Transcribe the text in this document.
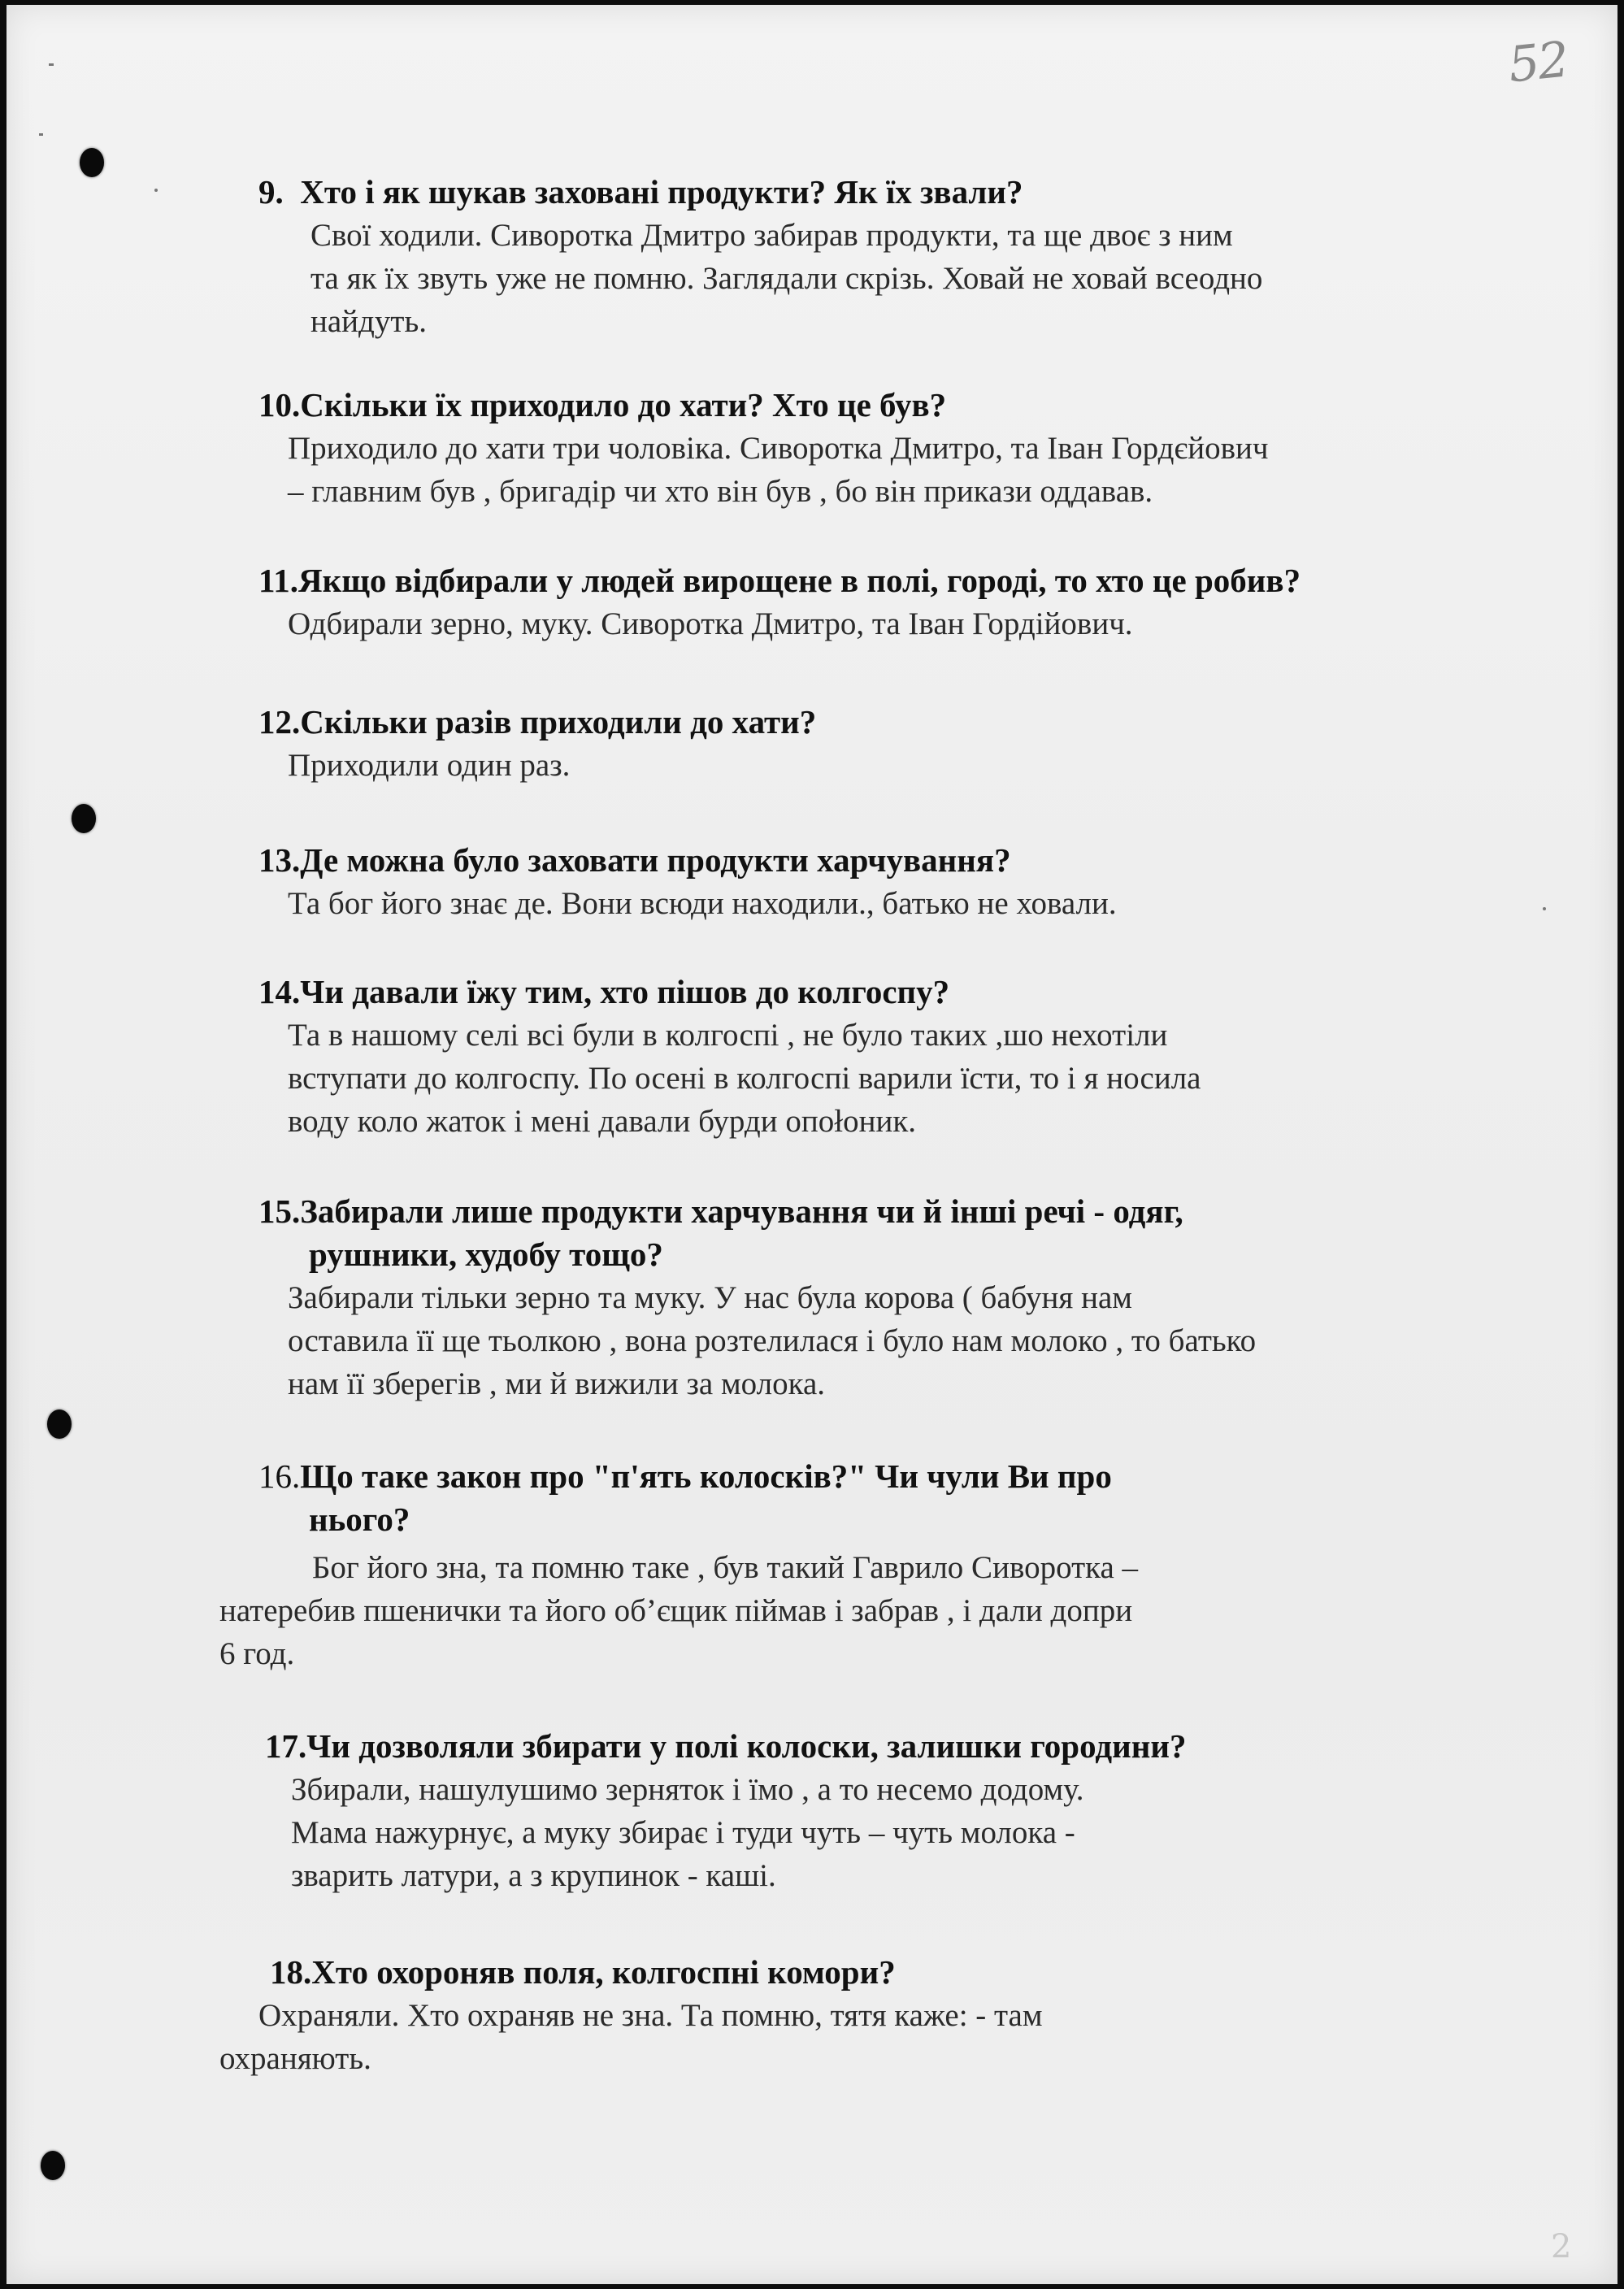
52
2
9. Хто і як шукав заховані продукти? Як їх звали?
Свої ходили. Сиворотка Дмитро забирав продукти, та ще двоє з ним
та як їх звуть уже не помню. Заглядали скрізь. Ховай не ховай всеодно
найдуть.
10.Скільки їх приходило до хати? Хто це був?
Приходило до хати три чоловіка. Сиворотка Дмитро, та Іван Гордєйович
– главним був , бригадір чи хто він був , бо він прикази оддавав.
11.Якщо відбирали у людей вирощене в полі, городі, то хто це робив?
Одбирали зерно, муку. Сиворотка Дмитро, та Іван Гордійович.
12.Скільки разів приходили до хати?
Приходили один раз.
13.Де можна було заховати продукти харчування?
Та бог його знає де. Вони всюди находили., батько не ховали.
14.Чи давали їжу тим, хто пішов до колгоспу?
Та в нашому селі всі були в колгоспі , не було таких ,шо нехотіли
вступати до колгоспу. По осені в колгоспі варили їсти, то і я носила
воду коло жаток і мені давали бурди опołоник.
15.Забирали лише продукти харчування чи й інші речі - одяг,
рушники, худобу тощо?
Забирали тільки зерно та муку. У нас була корова ( бабуня нам
оставила її ще тьолкою , вона розтелилася і було нам молоко , то батько
нам її зберегів , ми й вижили за молока.
16.Що таке закон про "п'ять колосків?" Чи чули Ви про
нього?
Бог його зна, та помню таке , був такий Гаврило Сиворотка –
натеребив пшенички та його об’єщик піймав і забрав , і дали допри
6 год.
17.Чи дозволяли збирати у полі колоски, залишки городини?
Збирали, нашулушимо зерняток і їмо , а то несемо додому.
Мама нажурнує, а муку збирає і туди чуть – чуть молока -
зварить латури, а з крупинок - каші.
18.Хто охороняв поля, колгоспні комори?
Охраняли. Хто охраняв не зна. Та помню, тятя каже: - там
охраняють.
